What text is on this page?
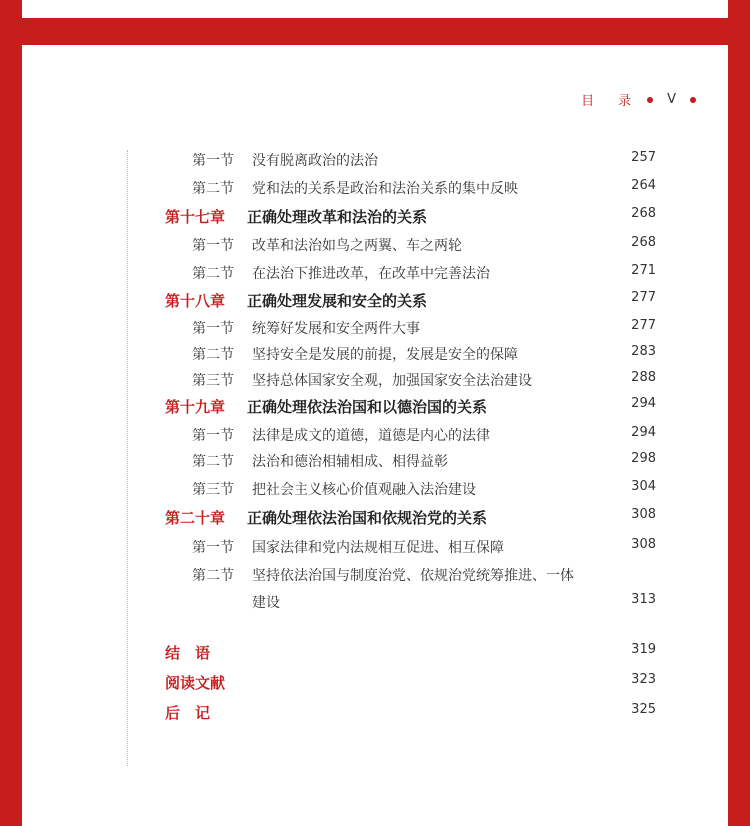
目 录	V
第一节 没有脱离政治的法治	257
第二节 党和法的关系是政治和法治关系的集中反映	264
第十七章 正确处理改革和法治的关系	268
第一节 改革和法治如鸟之两翼、车之两轮	268
第二节 在法治下推进改革，在改革中完善法治	271
第十八章 正确处理发展和安全的关系	277
第一节 统筹好发展和安全两件大事	277
第二节 坚持安全是发展的前提，发展是安全的保障	283
第三节 坚持总体国家安全观，加强国家安全法治建设	288
第十九章 正确处理依法治国和以德治国的关系	294
第一节 法律是成文的道德，道德是内心的法律	294
第二节 法治和德治相辅相成、相得益彰	298
第三节 把社会主义核心价值观融入法治建设	304
第二十章 正确处理依法治国和依规治党的关系	308
第一节 国家法律和党内法规相互促进、相互保障	308
第二节 坚持依法治国与制度治党、依规治党统筹推进、一体
建设	313
结　语	319
阅读文献	323
后　记	325
